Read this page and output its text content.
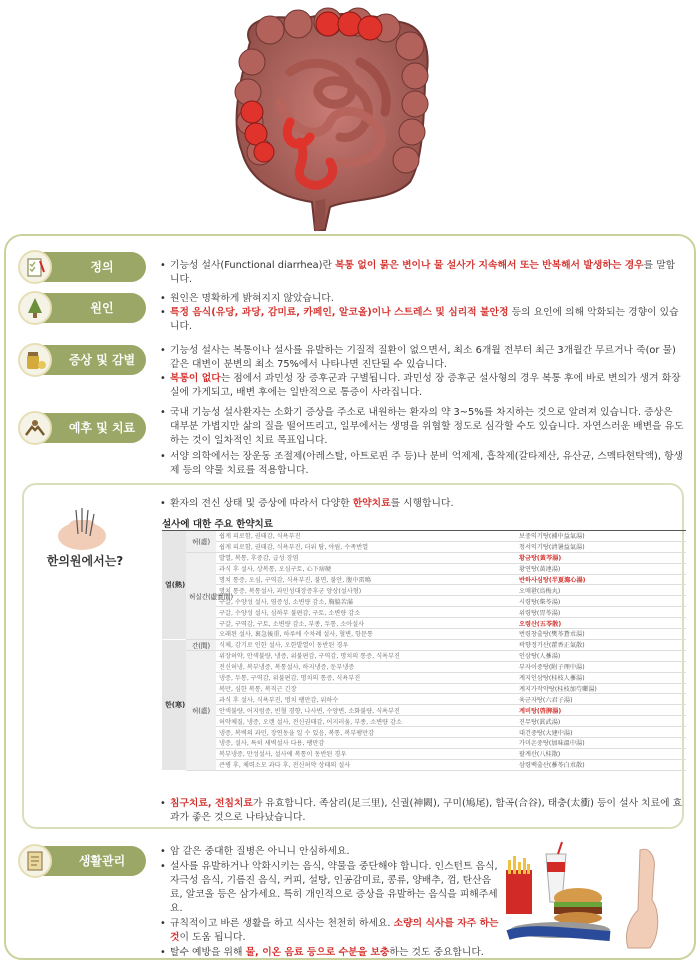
정의	• 기능성 설사(Functional diarrhea)란 복통 없이 묽은 변이나 물 설사가 지속해서 또는 반복해서 발생하는 경우를 말합니다.
원인
• 원인은 명확하게 밝혀지지 않았습니다.
• 특정 음식(유당, 과당, 감미료, 카페인, 알코올)이나 스트레스 및 심리적 불안정 등의 요인에 의해 악화되는 경향이 있습니다.
증상 및 감별점
• 기능성 설사는 복통이나 설사를 유발하는 기질적 질환이 없으면서, 최소 6개월 전부터 최근 3개월간 무르거나 죽(or 물) 같은 대변이 분변의 최소 75%에서 나타나면 진단될 수 있습니다.
• 복통이 없다는 점에서 과민성 장 증후군과 구별됩니다. 과민성 장 증후군 설사형의 경우 복통 후에 바로 변의가 생겨 화장실에 가게되고, 배변 후에는 일반적으로 통증이 사라집니다.
예후 및 치료
• 국내 기능성 설사환자는 소화기 증상을 주소로 내원하는 환자의 약 3~5%를 차지하는 것으로 알려져 있습니다. 증상은 대부분 가볍지만 삶의 질을 떨어뜨리고, 일부에서는 생명을 위협할 정도로 심각할 수도 있습니다. 자연스러운 배변을 유도하는 것이 일차적인 치료 목표입니다.
• 서양 의학에서는 장운동 조절제(아레스탈, 아트로핀 주 등)나 분비 억제제, 흡착제(갈타제산, 유산균, 스멕타현탁액), 항생제 등의 약물 치료를 적용합니다.
한의원에서는?
• 환자의 전신 상태 및 증상에 따라서 다양한 한약치료를 시행합니다.
설사에 대한 주요 한약치료
열(熱)	허(虛)	쉽게 피로함, 권태감, 식욕부진	보중익기탕(補中益氣湯)
		쉽게 피로함, 권태감, 식욕부진, 더위 탐, 야윔, 수족번열	청서익기탕(淸暑益氣湯)
	허실간(虛實間)	발열, 복통, 후중감, 급성 장염	황금탕(黃芩湯)
		과식 후 설사, 상복통, 오심구토, 心下痞硬	황연탕(黃連湯)
		명치 통증, 오심, 구역감, 식욕부진, 불면, 불안, 腹中雷鳴	반하사심탕(半夏瀉心湯)
		명치 통증, 복통설사, 과민성대장증후군 양상(설사형)	오매환(烏梅丸)
		구갈, 수양성 설사, 염증성, 소변량 감소, 胸脇苦滿	시령탕(柴苓湯)
		구갈, 수양성 설사, 심하부 불편감, 구토, 소변량 감소	위령탕(胃苓湯)
		구갈, 구역감, 구토, 소변량 감소, 부종, 두통, 소아설사	오령산(五苓散)
		오래된 설사, 裏急後重, 하루에 수차례 설사, 혈변, 항문통	번령창출탕(樊苓蒼朮湯)
한(寒)	간(間)	식체, 감기로 인한 설사, 오한발열이 동반된 경우	곽향정기산(藿香正氣散)
	허(虛)	위장허약, 안색불량, 냉증, 위불편감, 구역감, 명치의 통증, 식욕부진	인삼탕(人蔘湯)
		전신허냉, 복부냉증, 복통설사, 하지냉증, 둔부냉증	부자이중탕(附子理中湯)
		냉증, 두통, 구역감, 위불편감, 명치의 통증, 식욕부진	계지인삼탕(桂枝人蔘湯)
		복만, 심한 복통, 복직근 긴장	계지가작약탕(桂枝加芍藥湯)
		과식 후 설사, 식욕부진, 명치 팽만감, 위하수	육군자탕(六君子湯)
		안색불량, 어지럼증, 빈혈 경향, 나사변, 수양변, 소화불량, 식욕부진	계비탕(啓脾湯)
		허약체질, 냉증, 오랜 설사, 전신권태감, 어지러움, 부종, 소변량 감소	진무탕(眞武湯)
		냉증, 복벽의 과민, 장연동을 일 수 있음, 복통, 복부팽만감	대건중탕(大建中湯)
		냉증, 설사, 특히 새벽설사 다용, 팽만감	가미온중탕(加味溫中湯)
		복부냉증, 만성설사, 설사에 복통이 동반된 경우	팔계산(八桂散)
		큰병 후, 체력소모 과다 후, 전신허약 상태의 설사	삼령백출산(蔘苓白朮散)
• 침구치료, 전침치료가 유효합니다. 족삼리(足三里), 신궐(神闕), 구미(鳩尾), 합곡(合谷), 태충(太衝) 등이 설사 치료에 효과가 좋은 것으로 나타났습니다.
생활관리
• 암 같은 중대한 질병은 아니니 안심하세요.
• 설사를 유발하거나 악화시키는 음식, 약물을 중단해야 합니다. 인스턴트 음식, 자극성 음식, 기름진 음식, 커피, 설탕, 인공감미료, 콩류, 양배추, 껌, 탄산음료, 알코올 등은 삼가세요. 특히 개인적으로 증상을 유발하는 음식을 피해주세요.
• 규칙적이고 바른 생활을 하고 식사는 천천히 하세요. 소량의 식사를 자주 하는 것이 도움 됩니다.
• 탈수 예방을 위해 물, 이온 음료 등으로 수분을 보충하는 것도 중요합니다.
